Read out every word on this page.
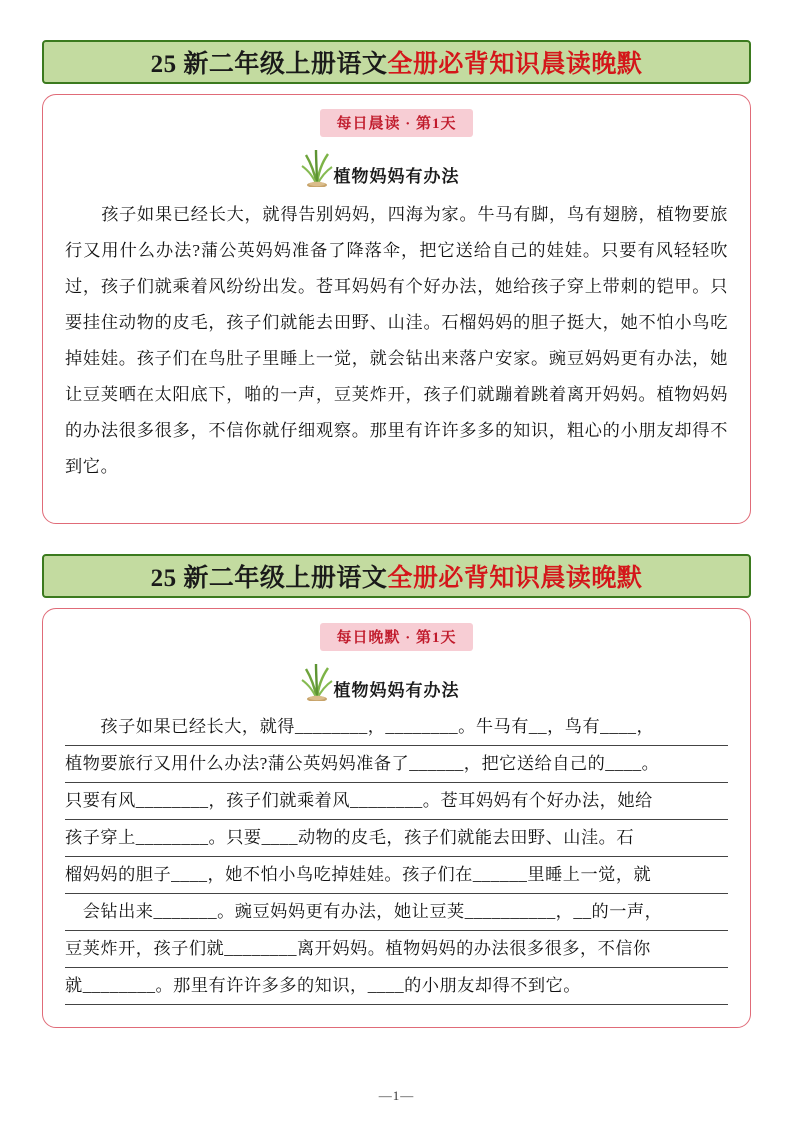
25 新二年级上册语文全册必背知识晨读晚默
每日晨读 · 第1天
植物妈妈有办法
孩子如果已经长大，就得告别妈妈，四海为家。牛马有脚，鸟有翅膀，植物要旅行又用什么办法?蒲公英妈妈准备了降落伞，把它送给自己的娃娃。只要有风轻轻吹过，孩子们就乘着风纷纷出发。苍耳妈妈有个好办法，她给孩子穿上带刺的铠甲。只要挂住动物的皮毛，孩子们就能去田野、山洼。石榴妈妈的胆子挺大，她不怕小鸟吃掉娃娃。孩子们在鸟肚子里睡上一觉，就会钻出来落户安家。豌豆妈妈更有办法，她让豆荚晒在太阳底下，啪的一声，豆荚炸开，孩子们就蹦着跳着离开妈妈。植物妈妈的办法很多很多，不信你就仔细观察。那里有许许多多的知识，粗心的小朋友却得不到它。
25 新二年级上册语文全册必背知识晨读晚默
每日晚默 · 第1天
植物妈妈有办法
　　孩子如果已经长大，就得________，________。牛马有__，鸟有____，
植物要旅行又用什么办法?蒲公英妈妈准备了______，把它送给自己的____。
只要有风________，孩子们就乘着风________。苍耳妈妈有个好办法，她给
孩子穿上________。只要____动物的皮毛，孩子们就能去田野、山洼。石
榴妈妈的胆子____，她不怕小鸟吃掉娃娃。孩子们在______里睡上一觉，就
　会钻出来_______。豌豆妈妈更有办法，她让豆荚__________，__的一声，
豆荚炸开，孩子们就________离开妈妈。植物妈妈的办法很多很多，不信你
就________。那里有许许多多的知识，____的小朋友却得不到它。
—1—
